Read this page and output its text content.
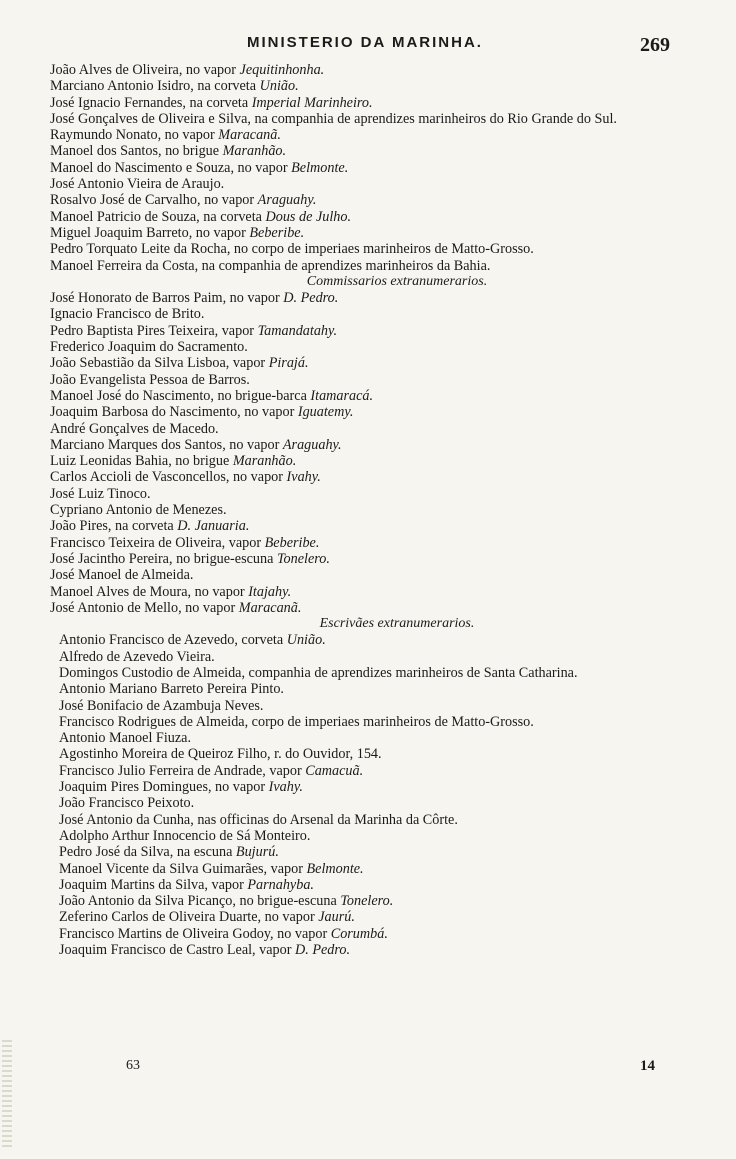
MINISTERIO DA MARINHA.	269
João Alves de Oliveira, no vapor Jequitinhonha.
Marciano Antonio Isidro, na corveta União.
José Ignacio Fernandes, na corveta Imperial Marinheiro.
José Gonçalves de Oliveira e Silva, na companhia de aprendizes marinheiros do Rio Grande do Sul.
Raymundo Nonato, no vapor Maracanã.
Manoel dos Santos, no brigue Maranhão.
Manoel do Nascimento e Souza, no vapor Belmonte.
José Antonio Vieira de Araujo.
Rosalvo José de Carvalho, no vapor Araguahy.
Manoel Patricio de Souza, na corveta Dous de Julho.
Miguel Joaquim Barreto, no vapor Beberibe.
Pedro Torquato Leite da Rocha, no corpo de imperiaes marinheiros de Matto-Grosso.
Manoel Ferreira da Costa, na companhia de aprendizes marinheiros da Bahia.
Commissarios extranumerarios.
José Honorato de Barros Paim, no vapor D. Pedro.
Ignacio Francisco de Brito.
Pedro Baptista Pires Teixeira, vapor Tamandatahy.
Frederico Joaquim do Sacramento.
João Sebastião da Silva Lisboa, vapor Pirajá.
João Evangelista Pessoa de Barros.
Manoel José do Nascimento, no brigue-barca Itamaracá.
Joaquim Barbosa do Nascimento, no vapor Iguatemy.
André Gonçalves de Macedo.
Marciano Marques dos Santos, no vapor Araguahy.
Luiz Leonidas Bahia, no brigue Maranhão.
Carlos Accioli de Vasconcellos, no vapor Ivahy.
José Luiz Tinoco.
Cypriano Antonio de Menezes.
João Pires, na corveta D. Januaria.
Francisco Teixeira de Oliveira, vapor Beberibe.
José Jacintho Pereira, no brigue-escuna Tonelero.
José Manoel de Almeida.
Manoel Alves de Moura, no vapor Itajahy.
José Antonio de Mello, no vapor Maracanã.
Escrivães extranumerarios.
Antonio Francisco de Azevedo, corveta União.
Alfredo de Azevedo Vieira.
Domingos Custodio de Almeida, companhia de aprendizes marinheiros de Santa Catharina.
Antonio Mariano Barreto Pereira Pinto.
José Bonifacio de Azambuja Neves.
Francisco Rodrigues de Almeida, corpo de imperiaes marinheiros de Matto-Grosso.
Antonio Manoel Fiuza.
Agostinho Moreira de Queiroz Filho, r. do Ouvidor, 154.
Francisco Julio Ferreira de Andrade, vapor Camacuã.
Joaquim Pires Domingues, no vapor Ivahy.
João Francisco Peixoto.
José Antonio da Cunha, nas officinas do Arsenal da Marinha da Côrte.
Adolpho Arthur Innocencio de Sá Monteiro.
Pedro José da Silva, na escuna Bujurú.
Manoel Vicente da Silva Guimarães, vapor Belmonte.
Joaquim Martins da Silva, vapor Parnahyba.
João Antonio da Silva Picanço, no brigue-escuna Tonelero.
Zeferino Carlos de Oliveira Duarte, no vapor Jaurú.
Francisco Martins de Oliveira Godoy, no vapor Corumbá.
Joaquim Francisco de Castro Leal, vapor D. Pedro.
63	14
